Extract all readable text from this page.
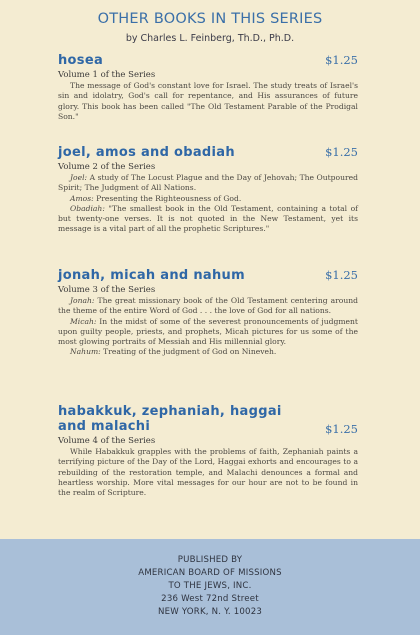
OTHER BOOKS IN THIS SERIES
by Charles L. Feinberg, Th.D., Ph.D.
$1.25
hosea
Volume 1 of the Series

The message of God's constant love for Israel. The study treats of Israel's sin and idolatry, God's call for repentance, and His assurances of future glory. This book has been called "The Old Testament Parable of the Prodigal Son."

$1.25
joel, amos and obadiah
Volume 2 of the Series

Joel: A study of The Locust Plague and the Day of Jehovah; The Outpoured Spirit; The Judgment of All Nations.

Amos: Presenting the Righteousness of God.

Obadiah: "The smallest book in the Old Testament, containing a total of but twenty-one verses. It is not quoted in the New Testament, yet its message is a vital part of all the prophetic Scriptures."

$1.25
jonah, micah and nahum
Volume 3 of the Series

Jonah: The great missionary book of the Old Testament centering around the theme of the entire Word of God . . . the love of God for all nations.

Micah: In the midst of some of the severest pronouncements of judgment upon guilty people, priests, and prophets, Micah pictures for us some of the most glowing portraits of Messiah and His millennial glory.

Nahum: Treating of the judgment of God on Nineveh.

$1.25
habakkuk, zephaniah, haggai and malachi
Volume 4 of the Series

While Habakkuk grapples with the problems of faith, Zephaniah paints a terrifying picture of the Day of the Lord, Haggai exhorts and encourages to a rebuilding of the restoration temple, and Malachi denounces a formal and heartless worship. More vital messages for our hour are not to be found in the realm of Scripture.

PUBLISHED BY
AMERICAN BOARD OF MISSIONS
TO THE JEWS, INC.
236 West 72nd Street
NEW YORK, N. Y. 10023
